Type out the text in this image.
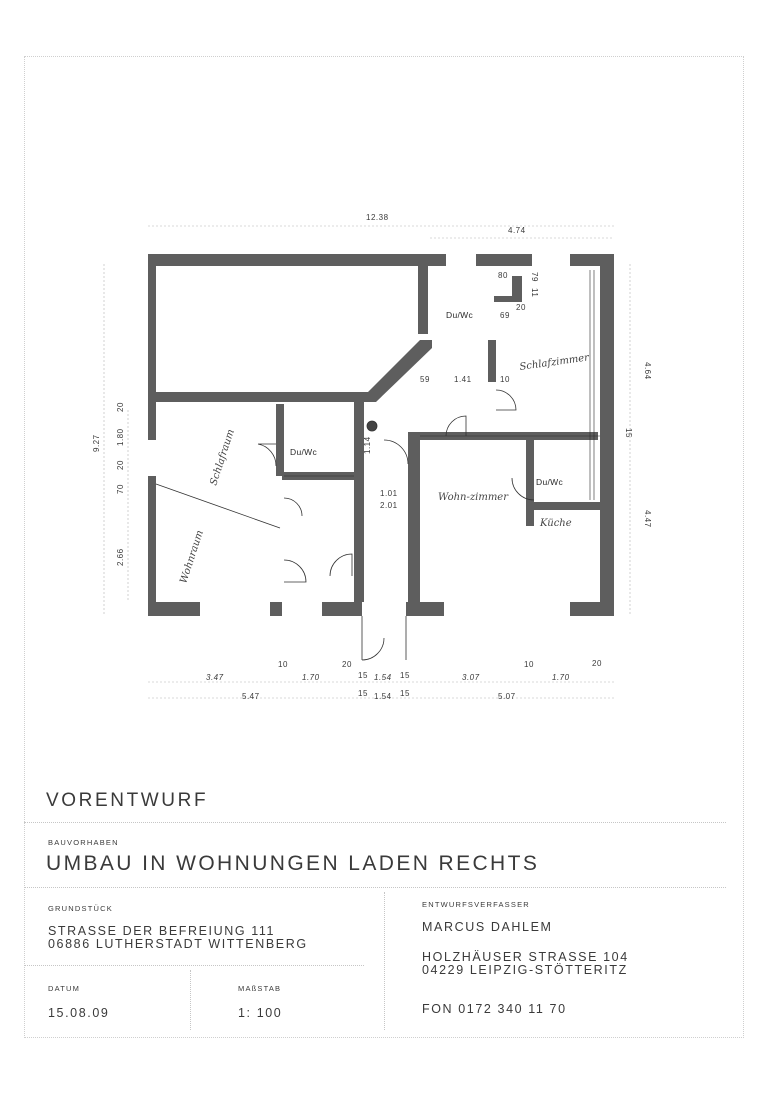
12.38
4.74
9.27
20
1.80
20
70
2.66
4.64
15
4.47
3.47
10
1.70
20
15 1.54 15	3.07
10
1.70
20
5.47	15 1.54 15	5.07
80
20
69
11
79
59	1.41	10
1.14
1.01
2.01
Du/Wc
Du/Wc
Du/Wc
Schlafzimmer
Wohn-zimmer
Küche
Schlafraum
Wohnraum
VORENTWURF
BAUVORHABEN
UMBAU IN WOHNUNGEN LADEN RECHTS
GRUNDSTÜCK
STRASSE DER BEFREIUNG 111
06886 LUTHERSTADT WITTENBERG
ENTWURFSVERFASSER
MARCUS DAHLEM
HOLZHÄUSER STRASSE 104
04229 LEIPZIG-STÖTTERITZ
FON 0172 340 11 70
DATUM
15.08.09
MAßSTAB
1: 100
